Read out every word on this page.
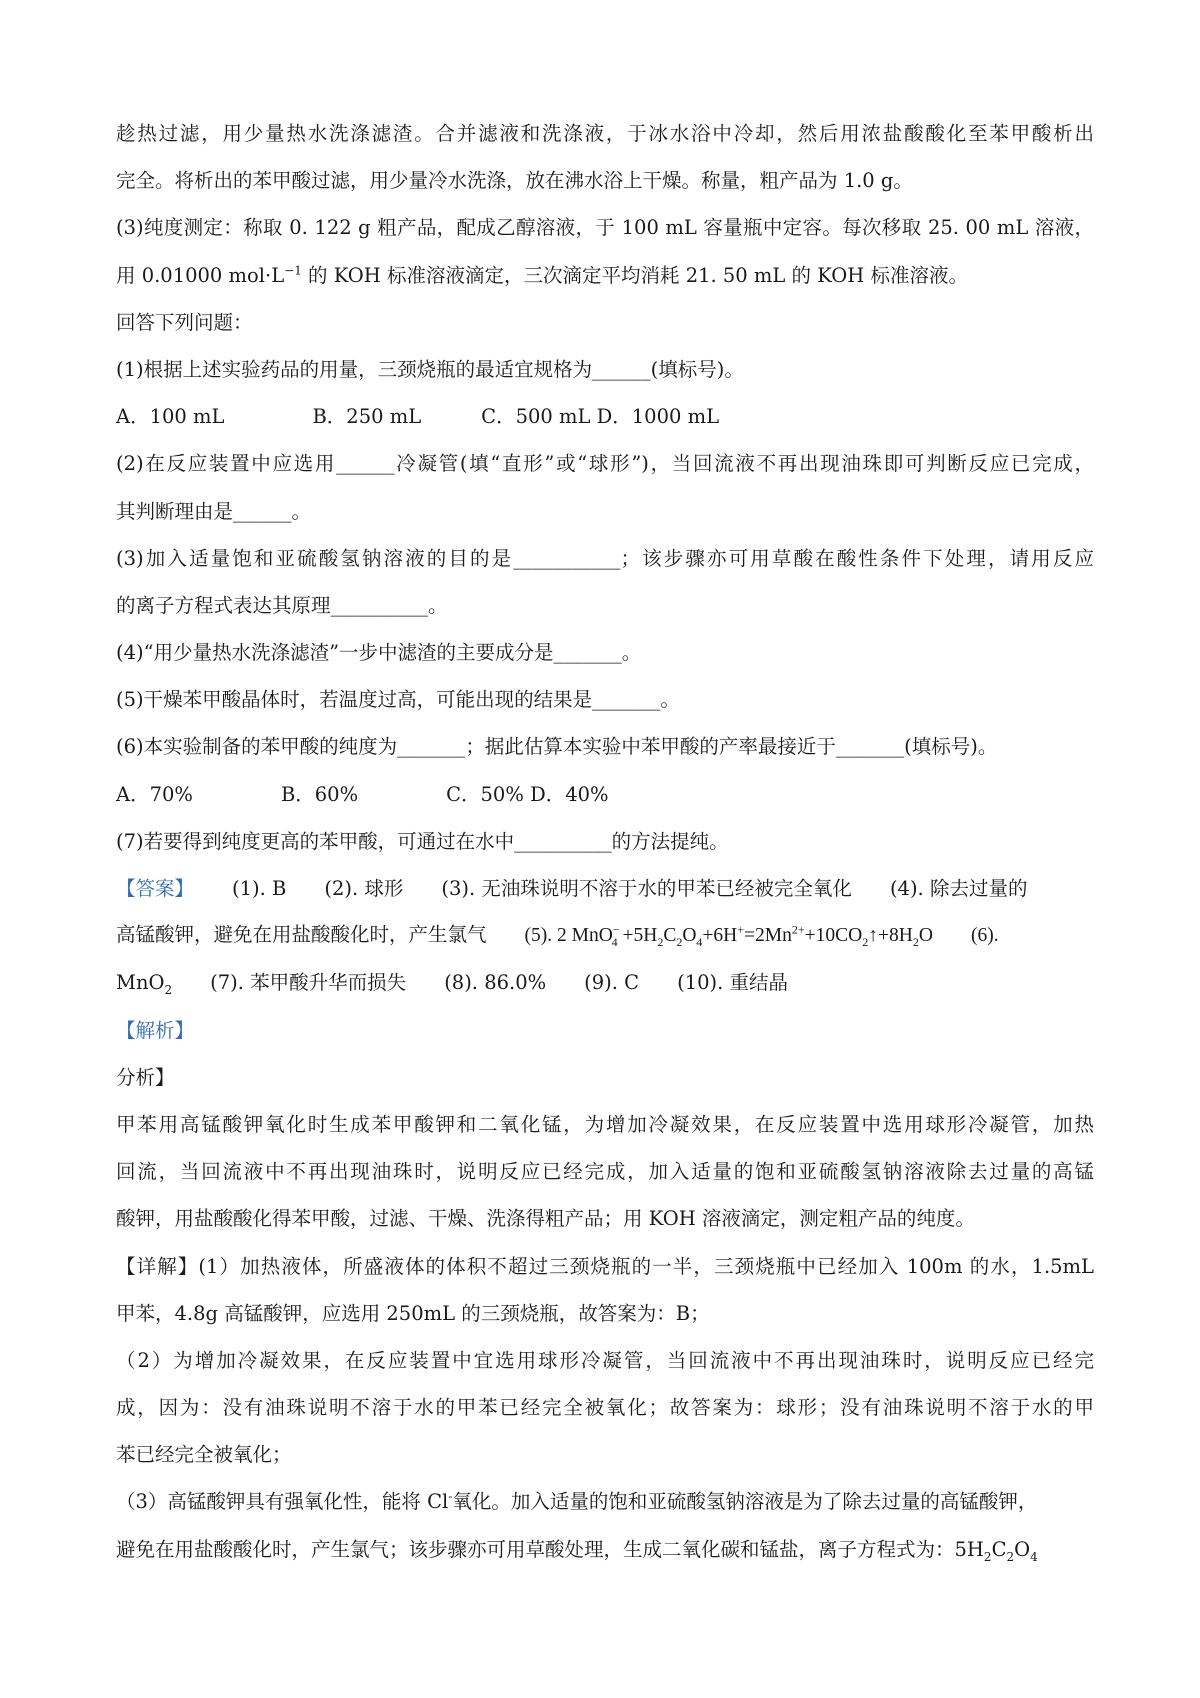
趁热过滤，用少量热水洗涤滤渣。合并滤液和洗涤液，于冰水浴中冷却，然后用浓盐酸酸化至苯甲酸析出
完全。将析出的苯甲酸过滤，用少量冷水洗涤，放在沸水浴上干燥。称量，粗产品为 1.0 g。
(3)纯度测定：称取 0. 122 g 粗产品，配成乙醇溶液，于 100 mL 容量瓶中定容。每次移取 25. 00 mL 溶液，
用 0.01000 $mol\cdot L^{-1}$ 的 KOH 标准溶液滴定，三次滴定平均消耗 21. 50 mL 的 KOH 标准溶液。
回答下列问题：
(1)根据上述实验药品的用量，三颈烧瓶的最适宜规格为______(填标号)。
A．100 mL	B．250 mL	C．500 mL D．1000 mL
(2)在反应装置中应选用______冷凝管(填“直形”或“球形”)，当回流液不再出现油珠即可判断反应已完成，
其判断理由是______。
(3)加入适量饱和亚硫酸氢钠溶液的目的是___________；该步骤亦可用草酸在酸性条件下处理，请用反应
的离子方程式表达其原理__________。
(4)“用少量热水洗涤滤渣”一步中滤渣的主要成分是_______。
(5)干燥苯甲酸晶体时，若温度过高，可能出现的结果是_______。
(6)本实验制备的苯甲酸的纯度为_______；据此估算本实验中苯甲酸的产率最接近于_______(填标号)。
A．70%	B．60%	C．50% D．40%
(7)若要得到纯度更高的苯甲酸，可通过在水中__________的方法提纯。
【答案】 (1). B (2). 球形 (3). 无油珠说明不溶于水的甲苯已经被完全氧化 (4). 除去过量的
高锰酸钾，避免在用盐酸酸化时，产生氯气 (5). 2 $MnO^-_4 +5H_2C_2O_4+6H^+=2Mn^{2+}+10CO_2↑+8H_2O$ (6).
MnO$_2$ (7). 苯甲酸升华而损失 (8). 86.0% (9). C (10). 重结晶
【解析】
分析】
甲苯用高锰酸钾氧化时生成苯甲酸钾和二氧化锰，为增加冷凝效果，在反应装置中选用球形冷凝管，加热
回流，当回流液中不再出现油珠时，说明反应已经完成，加入适量的饱和亚硫酸氢钠溶液除去过量的高锰
酸钾，用盐酸酸化得苯甲酸，过滤、干燥、洗涤得粗产品；用 KOH 溶液滴定，测定粗产品的纯度。
【详解】(1）加热液体，所盛液体的体积不超过三颈烧瓶的一半，三颈烧瓶中已经加入 100m 的水，1.5mL
甲苯，4.8g 高锰酸钾，应选用 250mL 的三颈烧瓶，故答案为：B；
（2）为增加冷凝效果，在反应装置中宜选用球形冷凝管，当回流液中不再出现油珠时，说明反应已经完
成，因为：没有油珠说明不溶于水的甲苯已经完全被氧化；故答案为：球形；没有油珠说明不溶于水的甲
苯已经完全被氧化；
（3）高锰酸钾具有强氧化性，能将 Cl-氧化。加入适量的饱和亚硫酸氢钠溶液是为了除去过量的高锰酸钾，
避免在用盐酸酸化时，产生氯气；该步骤亦可用草酸处理，生成二氧化碳和锰盐，离子方程式为：$5H_2C_2O_4$
